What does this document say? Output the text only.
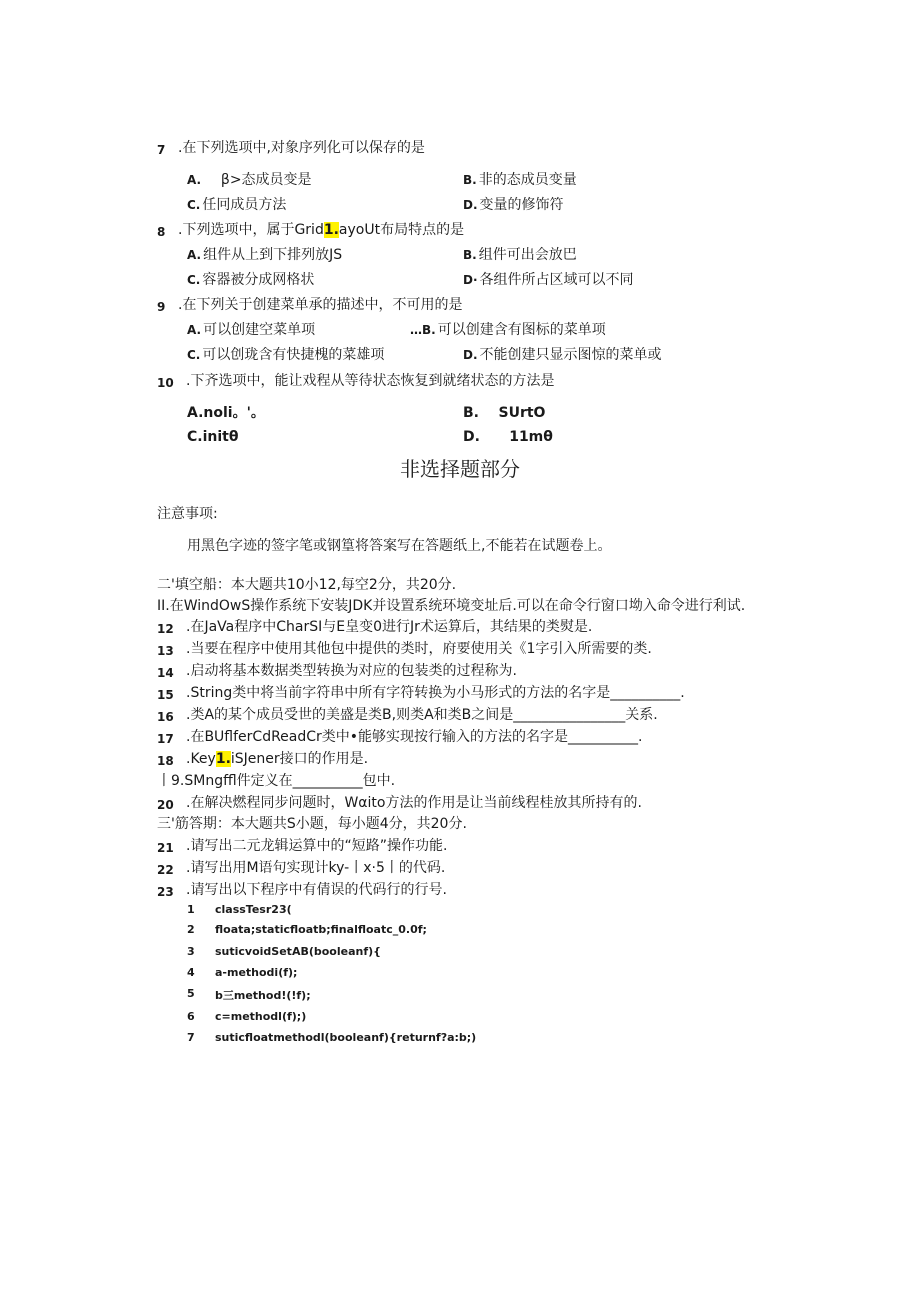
7 .在下列选项中,对象序列化可以保存的是
A. β>态成员变是	B. 非的态成员变量
C. 任冋成员方法	D. 变量的修饰符
8 .下列选项中，属于Grid1.ayoUt布局特点的是
A. 组件从上到下排列放JS	B. 组件可出会放巴
C. 容器被分成网格状	D· 各组件所占区域可以不同
9 .在下列关于创建菜单承的描述中，不可用的是
A. 可以创建空菜单项	…B. 可以创建含有图标的菜单项
C. 可以创珑含有快捷槐的菜雄项	D. 不能创建只显示图惊的菜单或
10 .下齐选项中，能让戏程从等待状态恢复到就绪状态的方法是
A.noli。'。	B. SUrtO
C.initθ	D. 11mθ
非选择题部分
注意事项:
用黑色字迹的签字笔或钢篁将答案写在答题纸上,不能若在试题卷上。
二'填空船：本大题共10小12,每空2分，共20分.
II.在WindOwS操作系统下安装JDK并设置系统环境变址后.可以在命令行窗口坳入命令进行利试.
12 .在JaVa程序中CharSI与E皇变0进行Jr术运算后，其结果的类熨是.
13 .当要在程序中使用其他包中提供的类时，府要使用关《1字引入所需要的类.
14 .启动将基本数据类型转换为对应的包装类的过程称为.
15 .String类中将当前字符串中所有字符转换为小马形式的方法的名字是__________.
16 .类A的某个成员受世的美盛是类B,则类A和类B之间是________________关系.
17 .在BUflferCdReadCr类中•能够实现按行输入的方法的名字是__________.
18 .Key1.iSJener接口的作用是.
丨9.SMngffl件定义在__________包中.
20 .在解决燃程同步问题时，Wαito方法的作用是让当前线程桂放其所持有的.
三'筋答期：本大题共S小题，每小题4分，共20分.
21 .请写出二元龙辑运算中的“短路”操作功能.
22 .请写出用M语句实现计ky-丨x·5丨的代码.
23 .请写出以下程序中有倩误的代码行的行号.
1 classTesr23(
2 floata;staticfloatb;finalfloatc_0.0f;
3 suticvoidSetAB(booleanf){
4 a-methodi(f);
5 b三method!(!f);
6 c=methodl(f);)
7 suticfloatmethodl(booleanf){returnf?a:b;)
